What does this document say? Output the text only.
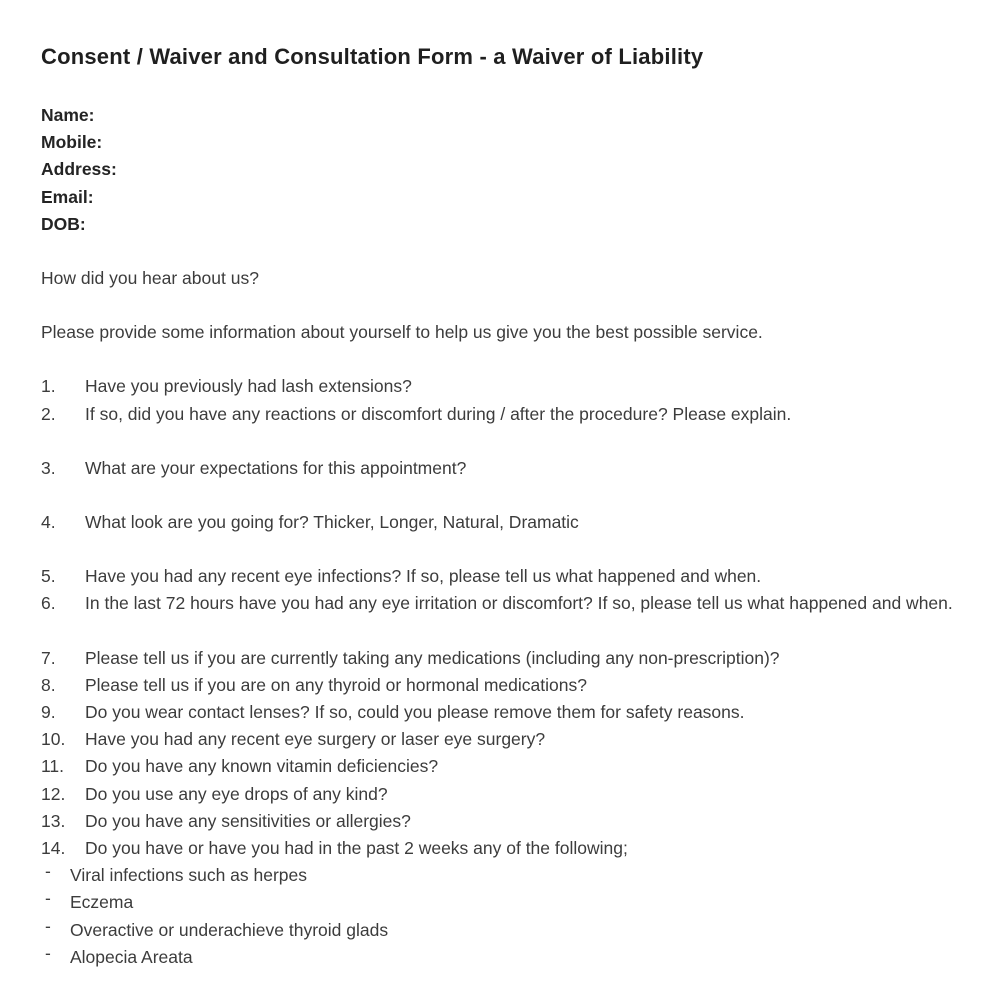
Consent / Waiver and Consultation Form - a Waiver of Liability
Name:
Mobile:
Address:
Email:
DOB:

How did you hear about us?

Please provide some information about yourself to help us give you the best possible service.

1.	Have you previously had lash extensions?
2.	If so, did you have any reactions or discomfort during / after the procedure? Please explain.
3.	What are your expectations for this appointment?
4.	What look are you going for? Thicker, Longer, Natural, Dramatic
5.	Have you had any recent eye infections? If so, please tell us what happened and when.
6.	In the last 72 hours have you had any eye irritation or discomfort? If so, please tell us what happened and when.
7.	Please tell us if you are currently taking any medications (including any non-prescription)?
8.	Please tell us if you are on any thyroid or hormonal medications?
9.	Do you wear contact lenses? If so, could you please remove them for safety reasons.
10.	Have you had any recent eye surgery or laser eye surgery?
11.	Do you have any known vitamin deficiencies?
12.	Do you use any eye drops of any kind?
13.	Do you have any sensitivities or allergies?
14.	Do you have or have you had in the past 2 weeks any of the following;
-	Viral infections such as herpes
-	Eczema
-	Overactive or underachieve thyroid glads
-	Alopecia Areata
